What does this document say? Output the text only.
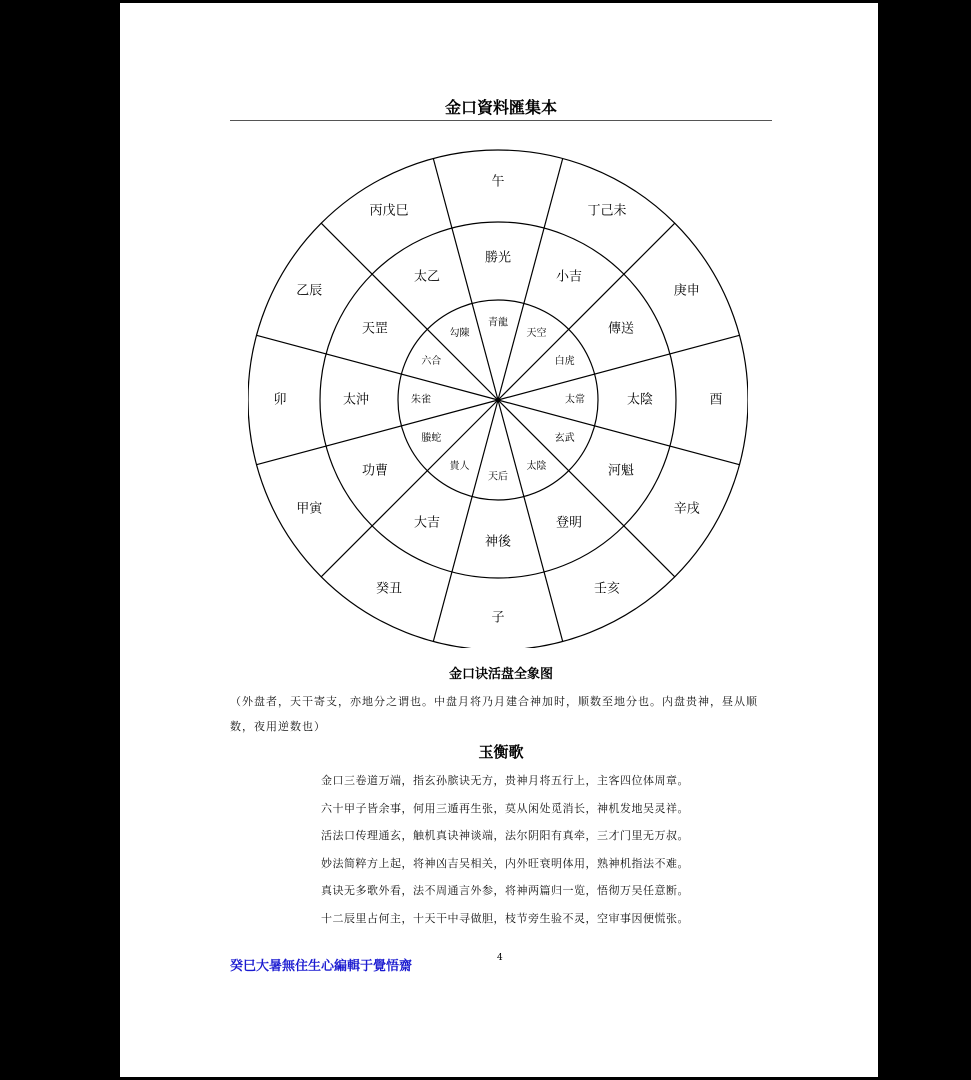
金口資料匯集本
午
丁己未
庚申
酉
辛戌
壬亥
子
癸丑
甲寅
卯
乙辰
丙戊巳
勝光
小吉
傳送
太陰
河魁
登明
神後
大吉
功曹
太沖
天罡
太乙
青龍
天空
白虎
太常
玄武
太陰
天后
貴人
螣蛇
朱雀
六合
勾陳
金口诀活盘全象图
（外盘者，天干寄支，亦地分之谓也。中盘月将乃月建合神加时，顺数至地分也。内盘贵神，昼从顺数，夜用逆数也）
玉衡歌
金口三卷道万端，指玄孙膑诀无方，贵神月将五行上，主客四位体周章。
六十甲子皆余事，何用三遁再生张，莫从闲处觅消长，神机发地吴灵祥。
活法口传理通玄，触机真诀神谈端，法尔阴阳有真牵，三才门里无万叔。
妙法简粹方上起，将神凶吉吴相关，内外旺衰明体用，熟神机指法不难。
真诀无多歌外看，法不周通言外参，将神两篇归一览，悟彻万吴任意断。
十二辰里占何主，十天干中寻做胆，枝节旁生验不灵，空审事因便慌张。
癸巳大暑無住生心編輯于覺悟齋
4
